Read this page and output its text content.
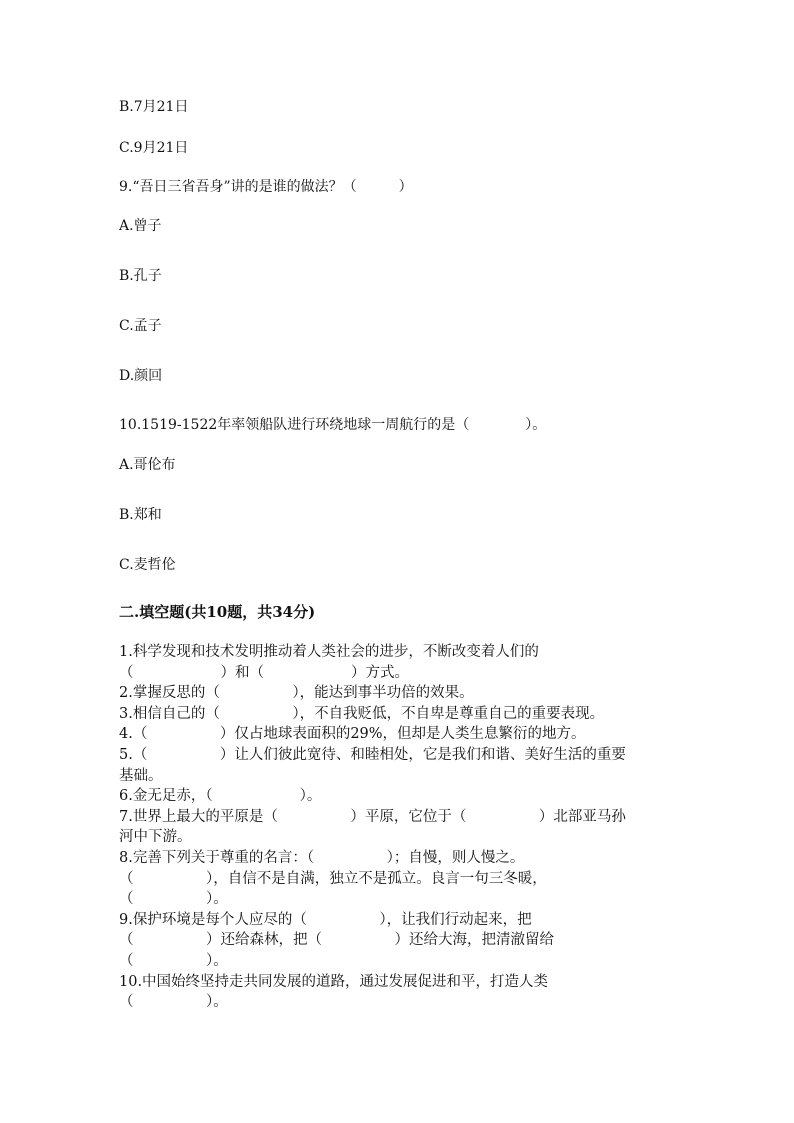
B.7月21日
C.9月21日
9.“吾日三省吾身”讲的是谁的做法？（　　　）
A.曾子
B.孔子
C.孟子
D.颜回
10.1519-1522年率领船队进行环绕地球一周航行的是（　　　　）。
A.哥伦布
B.郑和
C.麦哲伦
二.填空题(共10题，共34分)
1.科学发现和技术发明推动着人类社会的进步，不断改变着人们的
（　　　　　　）和（　　　　　　）方式。
2.掌握反思的（　　　　　），能达到事半功倍的效果。
3.相信自己的（　　　　　），不自我贬低，不自卑是尊重自己的重要表现。
4.（　　　　　）仅占地球表面积的29%，但却是人类生息繁衍的地方。
5.（　　　　　）让人们彼此宽待、和睦相处，它是我们和谐、美好生活的重要
基础。
6.金无足赤，（　　　　　　）。
7.世界上最大的平原是（　　　　　）平原，它位于（　　　　　）北部亚马孙
河中下游。
8.完善下列关于尊重的名言：（　　　　　）；自慢，则人慢之。
（　　　　　），自信不是自满，独立不是孤立。良言一句三冬暖，
（　　　　　）。
9.保护环境是每个人应尽的（　　　　　），让我们行动起来，把
（　　　　　）还给森林，把（　　　　　）还给大海，把清澈留给
（　　　　　）。
10.中国始终坚持走共同发展的道路，通过发展促进和平，打造人类
（　　　　　）。
